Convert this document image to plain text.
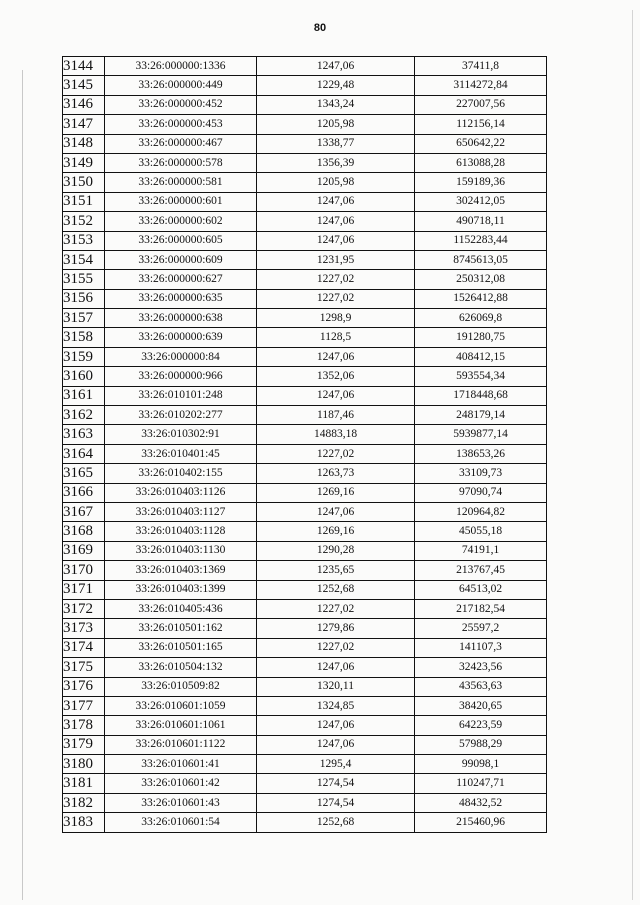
80
3144	33:26:000000:1336	1247,06	37411,8
3145	33:26:000000:449	1229,48	3114272,84
3146	33:26:000000:452	1343,24	227007,56
3147	33:26:000000:453	1205,98	112156,14
3148	33:26:000000:467	1338,77	650642,22
3149	33:26:000000:578	1356,39	613088,28
3150	33:26:000000:581	1205,98	159189,36
3151	33:26:000000:601	1247,06	302412,05
3152	33:26:000000:602	1247,06	490718,11
3153	33:26:000000:605	1247,06	1152283,44
3154	33:26:000000:609	1231,95	8745613,05
3155	33:26:000000:627	1227,02	250312,08
3156	33:26:000000:635	1227,02	1526412,88
3157	33:26:000000:638	1298,9	626069,8
3158	33:26:000000:639	1128,5	191280,75
3159	33:26:000000:84	1247,06	408412,15
3160	33:26:000000:966	1352,06	593554,34
3161	33:26:010101:248	1247,06	1718448,68
3162	33:26:010202:277	1187,46	248179,14
3163	33:26:010302:91	14883,18	5939877,14
3164	33:26:010401:45	1227,02	138653,26
3165	33:26:010402:155	1263,73	33109,73
3166	33:26:010403:1126	1269,16	97090,74
3167	33:26:010403:1127	1247,06	120964,82
3168	33:26:010403:1128	1269,16	45055,18
3169	33:26:010403:1130	1290,28	74191,1
3170	33:26:010403:1369	1235,65	213767,45
3171	33:26:010403:1399	1252,68	64513,02
3172	33:26:010405:436	1227,02	217182,54
3173	33:26:010501:162	1279,86	25597,2
3174	33:26:010501:165	1227,02	141107,3
3175	33:26:010504:132	1247,06	32423,56
3176	33:26:010509:82	1320,11	43563,63
3177	33:26:010601:1059	1324,85	38420,65
3178	33:26:010601:1061	1247,06	64223,59
3179	33:26:010601:1122	1247,06	57988,29
3180	33:26:010601:41	1295,4	99098,1
3181	33:26:010601:42	1274,54	110247,71
3182	33:26:010601:43	1274,54	48432,52
3183	33:26:010601:54	1252,68	215460,96
